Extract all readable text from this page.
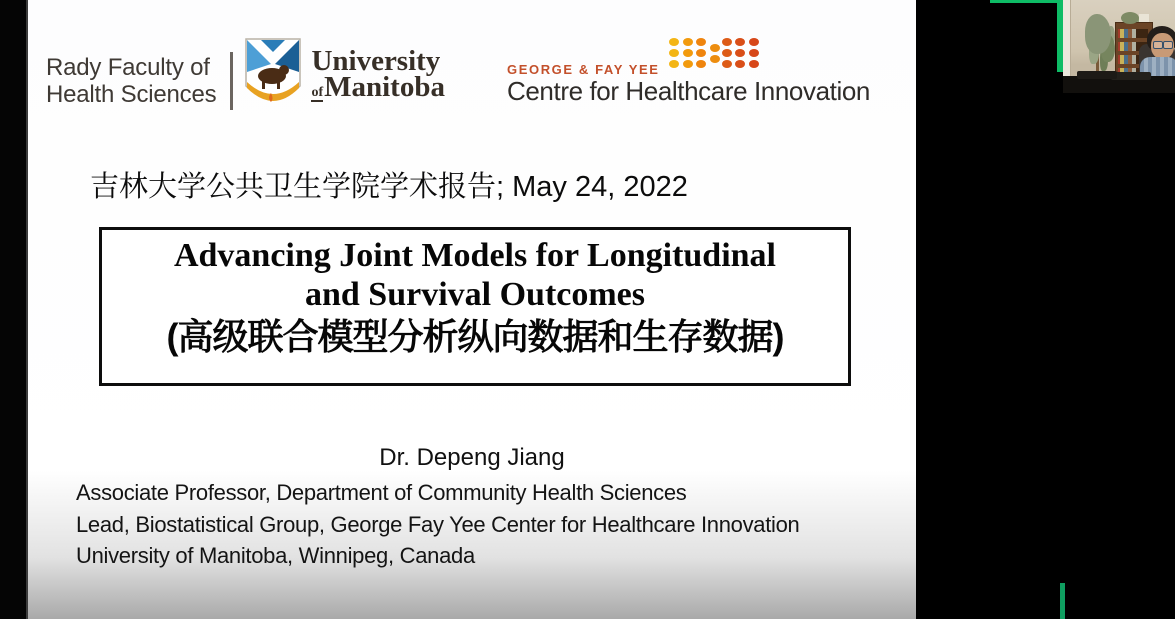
Rady Faculty of
Health Sciences
University
ofManitoba
GEORGE & FAY YEE
Centre for Healthcare Innovation
吉林大学公共卫生学院学术报告; May 24, 2022
Advancing Joint Models for Longitudinal
and Survival Outcomes
(高级联合模型分析纵向数据和生存数据)
Dr. Depeng Jiang
Associate Professor, Department of Community Health Sciences
Lead, Biostatistical Group, George Fay Yee Center for Healthcare Innovation
University of Manitoba, Winnipeg, Canada
